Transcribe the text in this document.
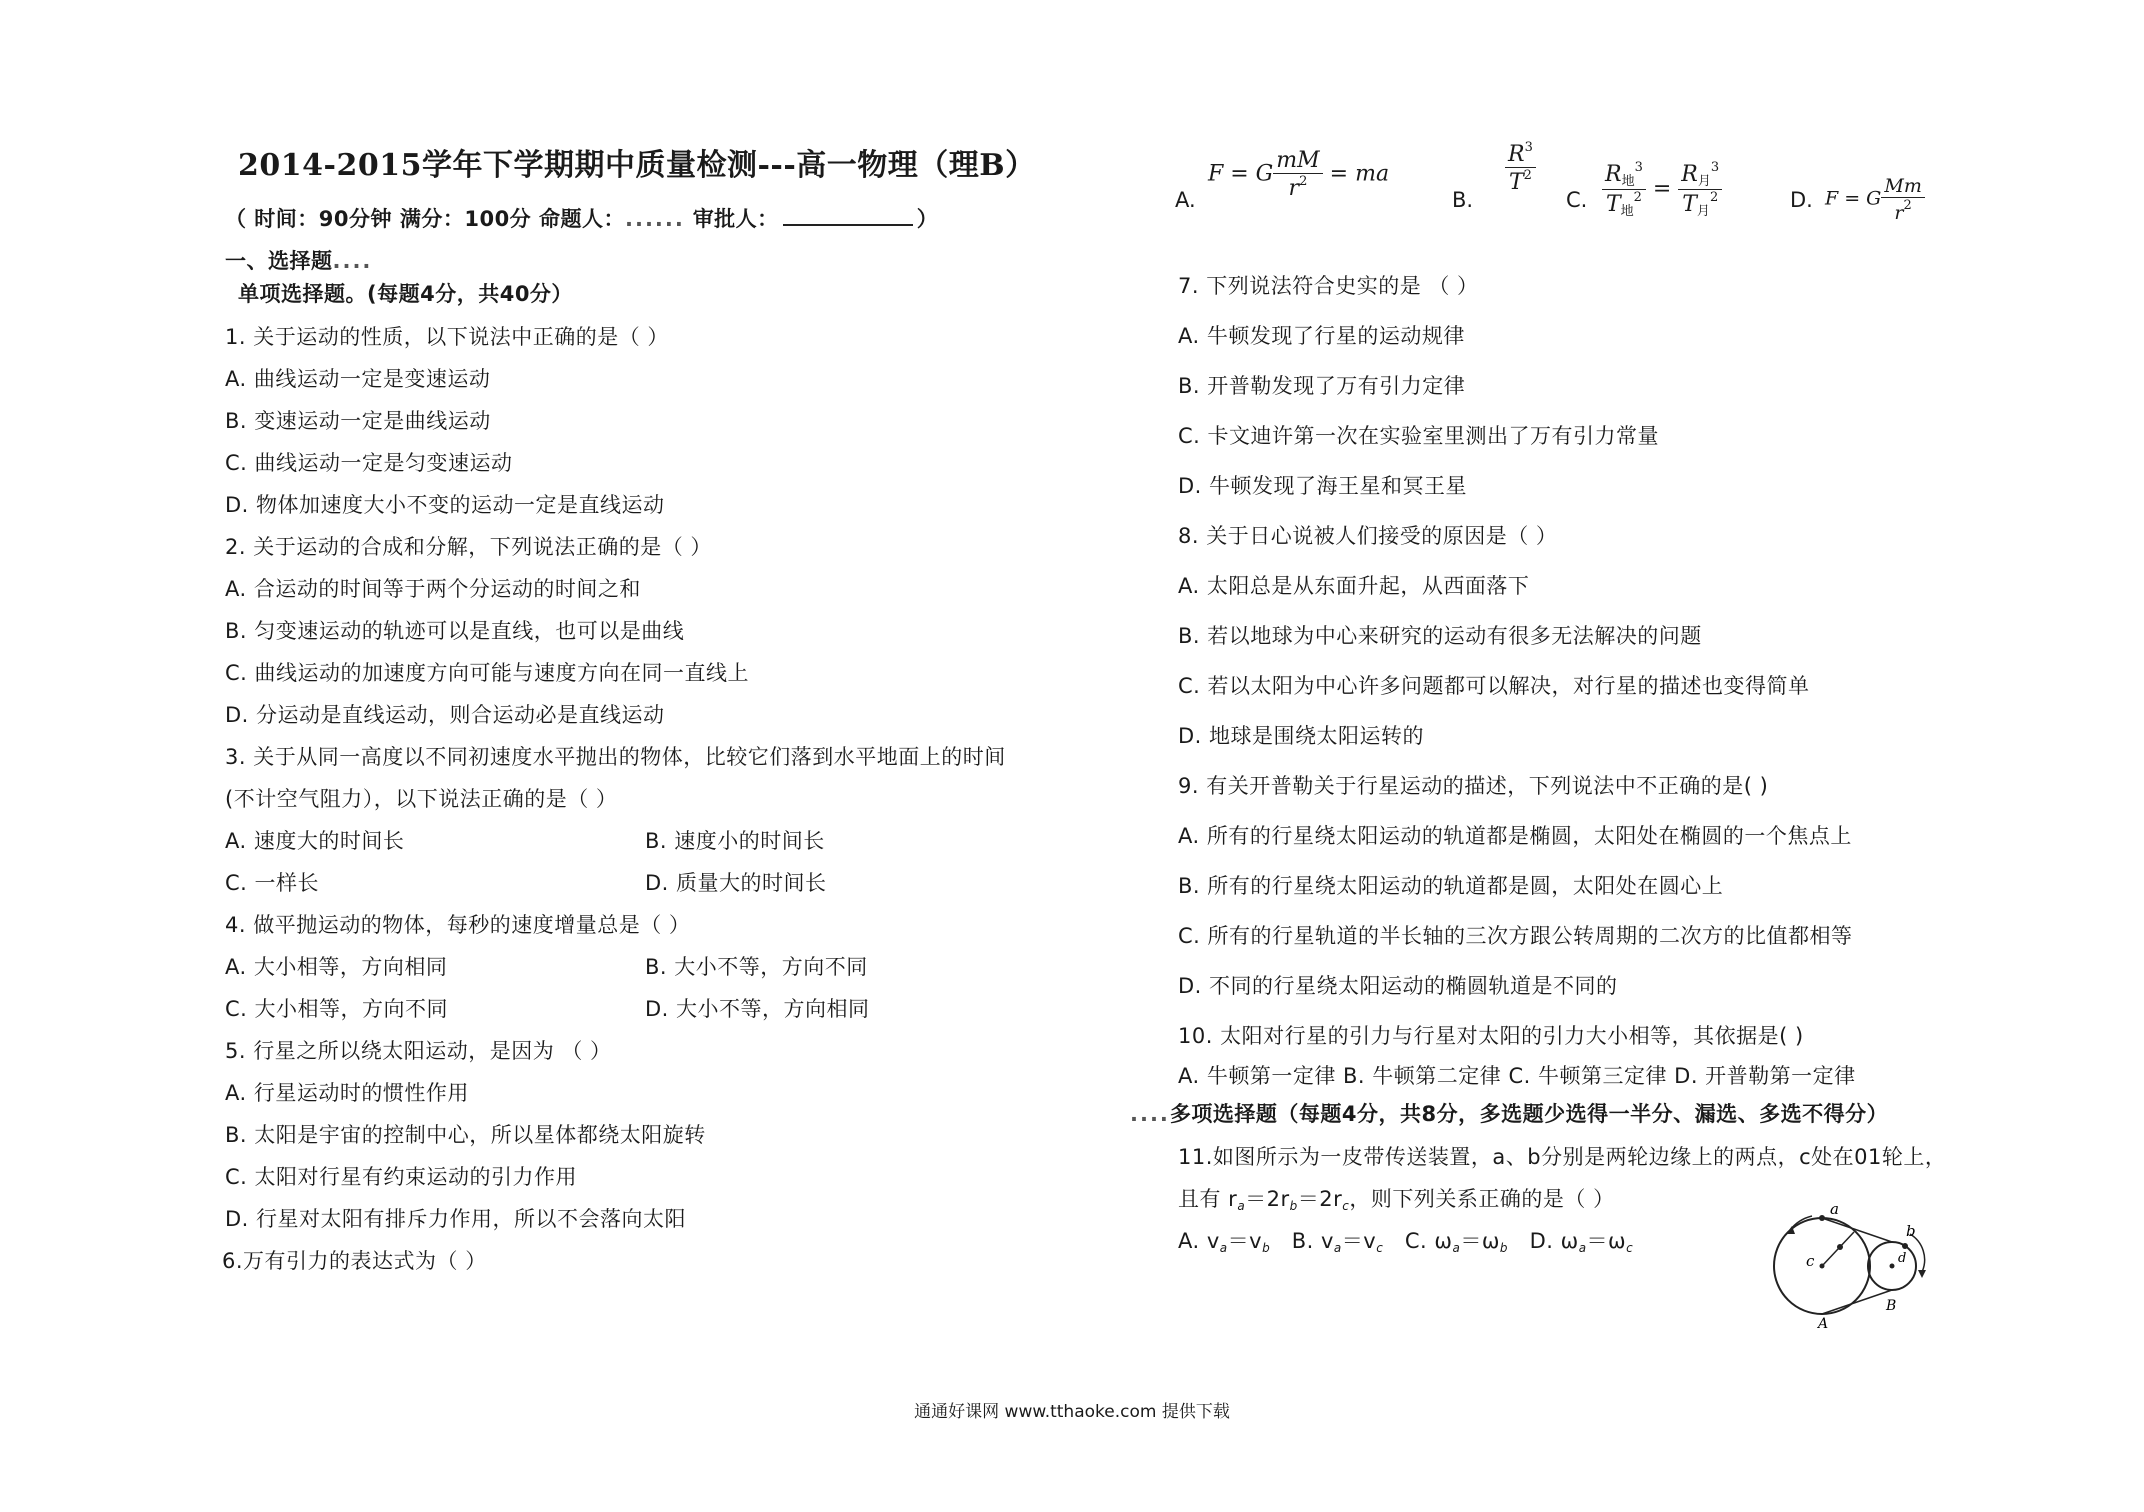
2014-2015学年下学期期中质量检测---高一物理（理B）
（ 时间：90分钟 满分：100分 命题人：...... 审批人：	）
一、选择题....
单项选择题。(每题4分，共40分）
1. 关于运动的性质，以下说法中正确的是（ ）
A. 曲线运动一定是变速运动
B. 变速运动一定是曲线运动
C. 曲线运动一定是匀变速运动
D. 物体加速度大小不变的运动一定是直线运动
2. 关于运动的合成和分解，下列说法正确的是（ ）
A. 合运动的时间等于两个分运动的时间之和
B. 匀变速运动的轨迹可以是直线，也可以是曲线
C. 曲线运动的加速度方向可能与速度方向在同一直线上
D. 分运动是直线运动，则合运动必是直线运动
3. 关于从同一高度以不同初速度水平抛出的物体，比较它们落到水平地面上的时间
(不计空气阻力），以下说法正确的是（ ）
A. 速度大的时间长	B. 速度小的时间长
C. 一样长	D. 质量大的时间长
4. 做平抛运动的物体，每秒的速度增量总是（ ）
A. 大小相等，方向相同	B. 大小不等，方向不同
C. 大小相等，方向不同	D. 大小不等，方向相同
5. 行星之所以绕太阳运动，是因为 （ ）
A. 行星运动时的惯性作用
B. 太阳是宇宙的控制中心，所以星体都绕太阳旋转
C. 太阳对行星有约束运动的引力作用
D. 行星对太阳有排斥力作用，所以不会落向太阳
6.万有引力的表达式为（ ）
A.
F = G $\frac{mM}{r^2}$ = ma
B.
$\frac{R^3}{T^2}$
C. $\frac{R_地^3}{T_地^2} = \frac{R_月^3}{T_月^2}$	D. F = G $\frac{Mm}{r^2}$
7. 下列说法符合史实的是 （ ）
A. 牛顿发现了行星的运动规律
B. 开普勒发现了万有引力定律
C. 卡文迪许第一次在实验室里测出了万有引力常量
D. 牛顿发现了海王星和冥王星
8. 关于日心说被人们接受的原因是（ ）
A. 太阳总是从东面升起，从西面落下
B. 若以地球为中心来研究的运动有很多无法解决的问题
C. 若以太阳为中心许多问题都可以解决，对行星的描述也变得简单
D. 地球是围绕太阳运转的
9. 有关开普勒关于行星运动的描述，下列说法中不正确的是( )
A. 所有的行星绕太阳运动的轨道都是椭圆，太阳处在椭圆的一个焦点上
B. 所有的行星绕太阳运动的轨道都是圆，太阳处在圆心上
C. 所有的行星轨道的半长轴的三次方跟公转周期的二次方的比值都相等
D. 不同的行星绕太阳运动的椭圆轨道是不同的
10. 太阳对行星的引力与行星对太阳的引力大小相等，其依据是( )
A. 牛顿第一定律 B. 牛顿第二定律 C. 牛顿第三定律 D. 开普勒第一定律
....多项选择题（每题4分，共8分，多选题少选得一半分、漏选、多选不得分）
11.如图所示为一皮带传送装置，a、b分别是两轮边缘上的两点，c处在01轮上，
且有 ra＝2rb＝2rc，则下列关系正确的是（ ）
A. va＝vb B. va＝vc C. ωa＝ωb D. ωa＝ωc
a
b
c	d
A
B
通通好课网 www.tthaoke.com 提供下载
